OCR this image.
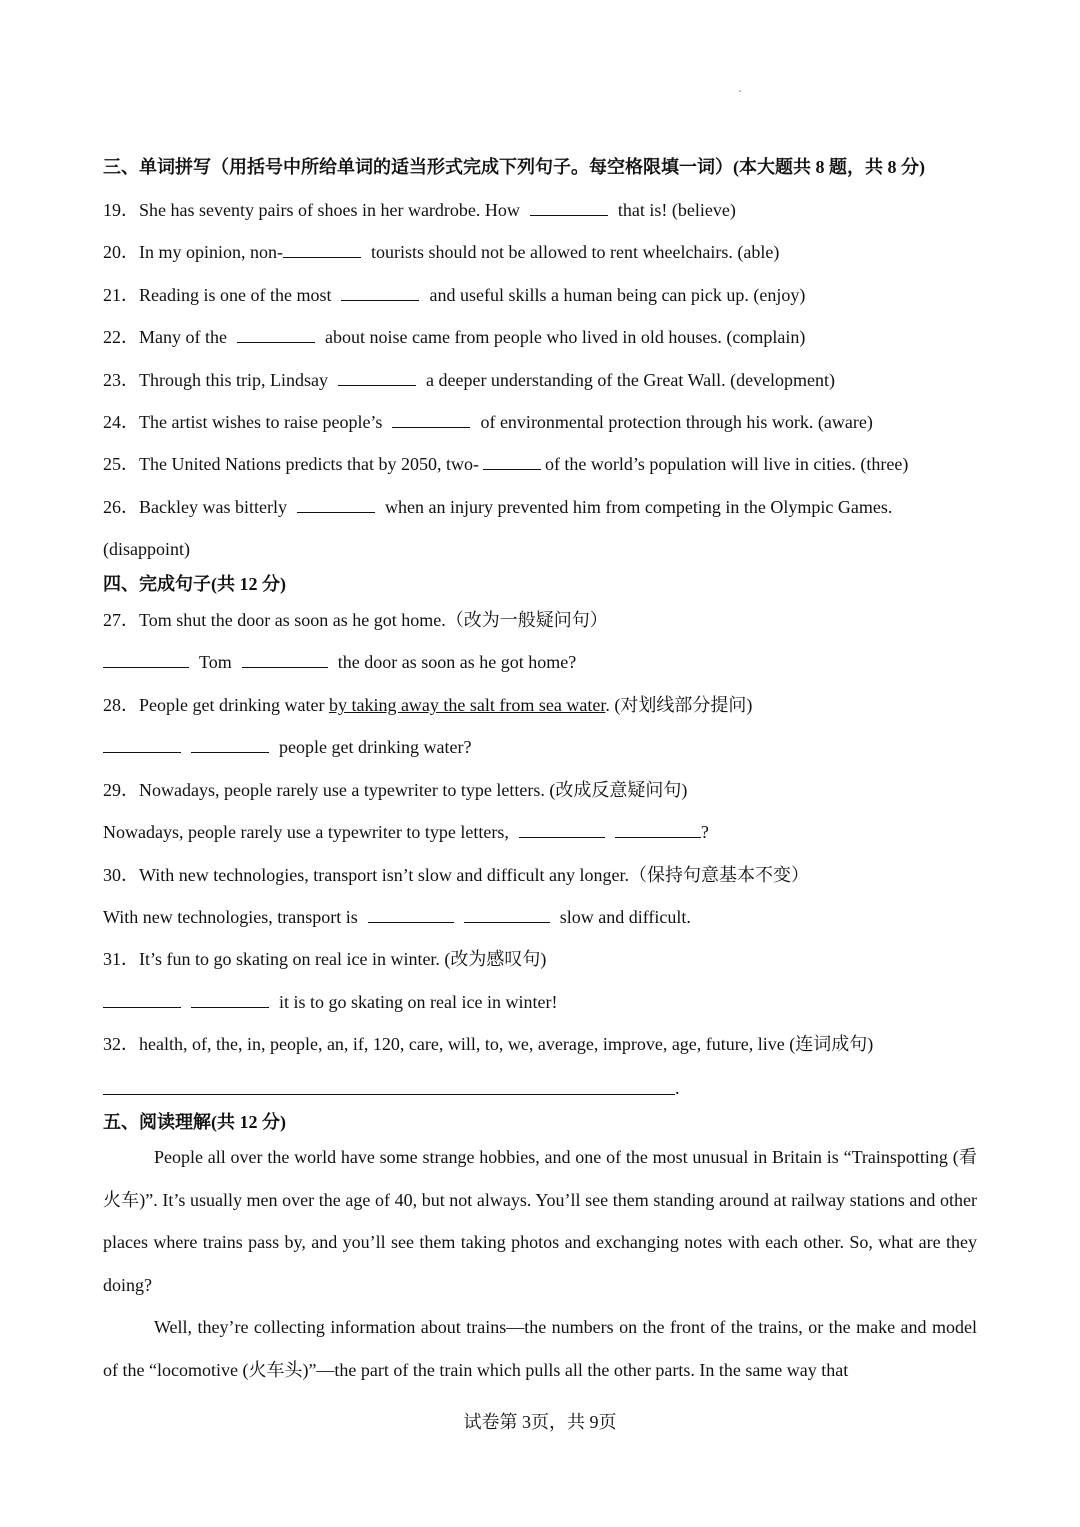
三、单词拼写（用括号中所给单词的适当形式完成下列句子。每空格限填一词）(本大题共 8 题，共 8 分)
19．She has seventy pairs of shoes in her wardrobe. How	that is! (believe)
20．In my opinion, non-	tourists should not be allowed to rent wheelchairs. (able)
21．Reading is one of the most	and useful skills a human being can pick up. (enjoy)
22．Many of the	about noise came from people who lived in old houses. (complain)
23．Through this trip, Lindsay	a deeper understanding of the Great Wall. (development)
24．The artist wishes to raise people’s	of environmental protection through his work. (aware)
25．The United Nations predicts that by 2050, two-	of the world’s population will live in cities. (three)
26．Backley was bitterly	when an injury prevented him from competing in the Olympic Games.
(disappoint)
四、完成句子(共 12 分)
27．Tom shut the door as soon as he got home.（改为一般疑问句）
Tom	the door as soon as he got home?
28．People get drinking water by taking away the salt from sea water. (对划线部分提问)
people get drinking water?
29．Nowadays, people rarely use a typewriter to type letters. (改成反意疑问句)
Nowadays, people rarely use a typewriter to type letters,	?
30．With new technologies, transport isn’t slow and difficult any longer.（保持句意基本不变）
With new technologies, transport is	slow and difficult.
31．It’s fun to go skating on real ice in winter. (改为感叹句)
it is to go skating on real ice in winter!
32．health, of, the, in, people, an, if, 120, care, will, to, we, average, improve, age, future, live (连词成句)
.
五、阅读理解(共 12 分)
People all over the world have some strange hobbies, and one of the most unusual in Britain is “Trainspotting (看火车)”. It’s usually men over the age of 40, but not always. You’ll see them standing around at railway stations and other places where trains pass by, and you’ll see them taking photos and exchanging notes with each other. So, what are they doing?
Well, they’re collecting information about trains—the numbers on the front of the trains, or the make and model of the “locomotive (火车头)”—the part of the train which pulls all the other parts. In the same way that
试卷第 3页，共 9页
